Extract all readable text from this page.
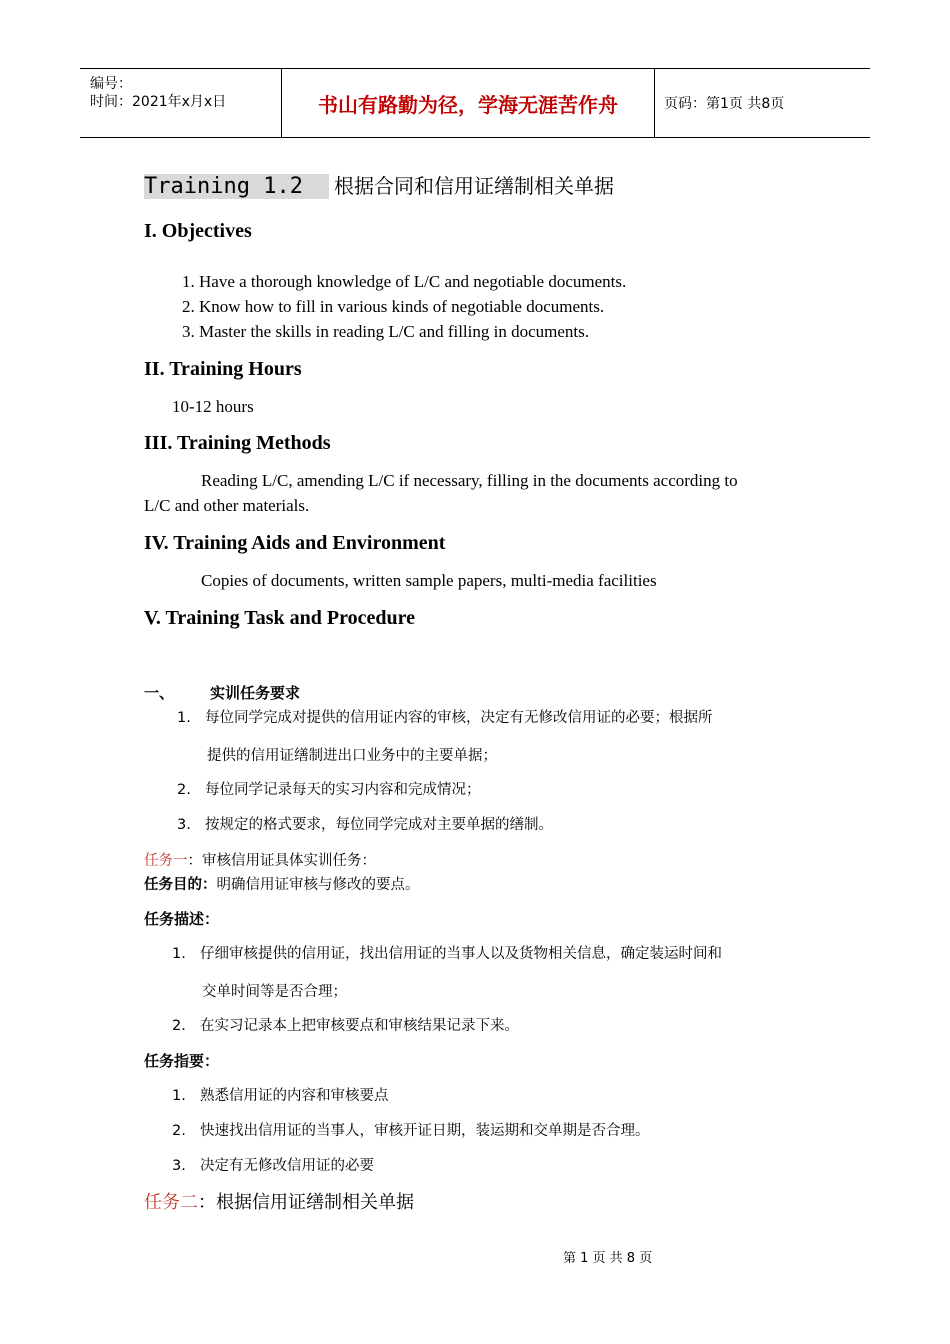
编号：
时间：2021年x月x日	书山有路勤为径，学海无涯苦作舟	页码：第1页 共8页
Training 1.2 根据合同和信用证缮制相关单据
I. Objectives
1. Have a thorough knowledge of L/C and negotiable documents.
2. Know how to fill in various kinds of negotiable documents.
3. Master the skills in reading L/C and filling in documents.
II. Training Hours
10-12 hours
III. Training Methods
Reading L/C, amending L/C if necessary, filling in the documents according to
L/C and other materials.
IV. Training Aids and Environment
Copies of documents, written sample papers, multi-media facilities
V. Training Task and Procedure
一、 实训任务要求
1. 每位同学完成对提供的信用证内容的审核，决定有无修改信用证的必要；根据所
提供的信用证缮制进出口业务中的主要单据；
2. 每位同学记录每天的实习内容和完成情况；
3. 按规定的格式要求，每位同学完成对主要单据的缮制。
任务一：审核信用证具体实训任务：
任务目的：明确信用证审核与修改的要点。
任务描述：
1. 仔细审核提供的信用证，找出信用证的当事人以及货物相关信息，确定装运时间和
交单时间等是否合理；
2. 在实习记录本上把审核要点和审核结果记录下来。
任务指要：
1. 熟悉信用证的内容和审核要点
2. 快速找出信用证的当事人，审核开证日期，装运期和交单期是否合理。
3. 决定有无修改信用证的必要
任务二：根据信用证缮制相关单据
第 1 页 共 8 页
